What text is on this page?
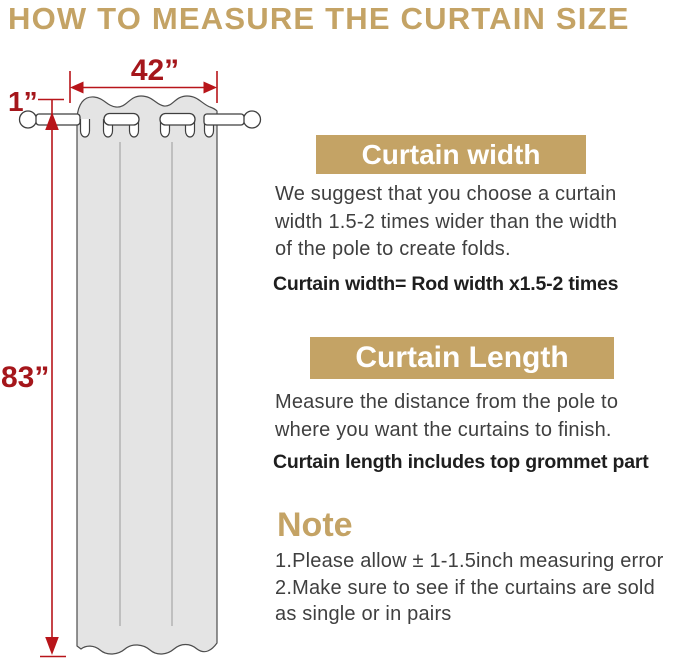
HOW TO MEASURE THE CURTAIN SIZE
42”
1”
83”
Curtain width
We suggest that you choose a curtain
width 1.5-2 times wider than the width
of the pole to create folds.
Curtain width= Rod width x1.5-2 times
Curtain Length
Measure the distance from the pole to
where you want the curtains to finish.
Curtain length includes top grommet part
Note
1.Please allow ± 1-1.5inch measuring error
2.Make sure to see if the curtains are sold
as single or in pairs
